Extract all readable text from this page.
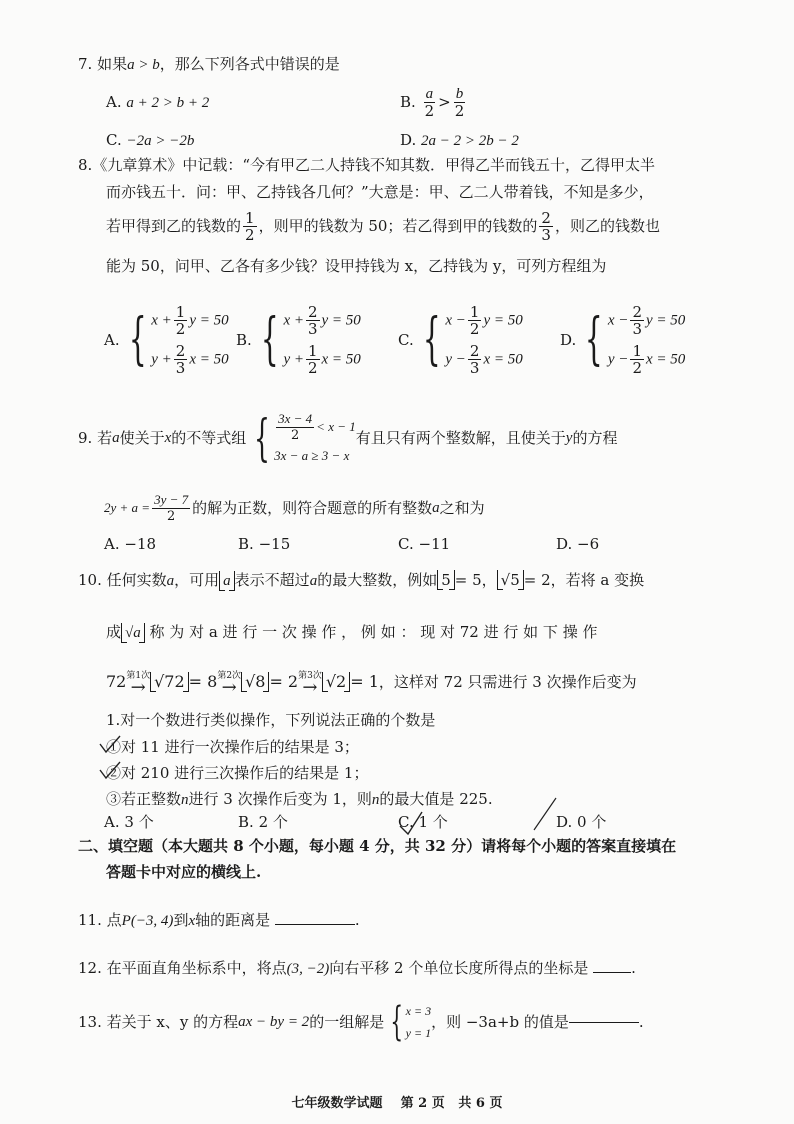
7. 如果a > b，那么下列各式中错误的是
A. a + 2 > b + 2	B.
$\frac{a}{2} > \frac{b}{2}$
C. −2a > −2b	D. 2a − 2 > 2b − 2
8.《九章算术》中记载：“今有甲乙二人持钱不知其数．甲得乙半而钱五十，乙得甲太半
而亦钱五十．问：甲、乙持钱各几何？”大意是：甲、乙二人带着钱，不知是多少，
若甲得到乙的钱数的 $\frac{1}{2}$ ，则甲的钱数为 50；若乙得到甲的钱数的 $\frac{2}{3}$ ，则乙的钱数也
能为 50，问甲、乙各有多少钱？设甲持钱为 x，乙持钱为 y，可列方程组为
A. { $x + \frac{1}{2}$ y = 50
$y + \frac{2}{3}$ x = 50
B. { $x + \frac{2}{3}$ y = 50
$y + \frac{1}{2}$ x = 50
C. { $x - \frac{1}{2}$ y = 50
$y - \frac{2}{3}$ x = 50
D. { $x - \frac{2}{3}$ y = 50
$y - \frac{1}{2}$ x = 50
9.
若 a 使关于 x 的不等式组 { $\frac{3x - 4}{2} < x - 1$
3x − a ≥ 3 − x
有且只有两个整数解，且使关于 y 的方程
$2y + a = \frac{3y - 7}{2}$ 的解为正数，则符合题意的所有整数 a 之和为
A. −18	B. −15	C. −11	D. −6
10. 任何实数a，可用 a 表示不超过a的最大整数，例如 5 = 5， √5 = 2，若将 a 变换
成 √a 称 为 对 a 进 行 一 次 操 作 ， 例 如 ： 现 对 72 进 行 如 下 操 作
72 第1次
→ √72 = 8 第2次
→ √8 = 2 第3次
→ √2 = 1 ，这样对 72 只需进行 3 次操作后变为
1.对一个数进行类似操作，下列说法正确的个数是
①对 11 进行一次操作后的结果是 3；
②对 210 进行三次操作后的结果是 1；
③若正整数n进行 3 次操作后变为 1，则n的最大值是 225.
A. 3 个	B. 2 个	C. 1 个	D. 0 个
二、填空题（本大题共 8 个小题，每小题 4 分，共 32 分）请将每个小题的答案直接填在
答题卡中对应的横线上.
11. 点P(−3, 4)到x轴的距离是	.
12. 在平面直角坐标系中，将点(3, −2)向右平移 2 个单位长度所得点的坐标是	.
13.
若关于 x、y 的方程 ax − by = 2 的一组解是 { x = 3
y = 1
，则 −3a+b 的值是	.
七年级数学试题 第 2 页 共 6 页
